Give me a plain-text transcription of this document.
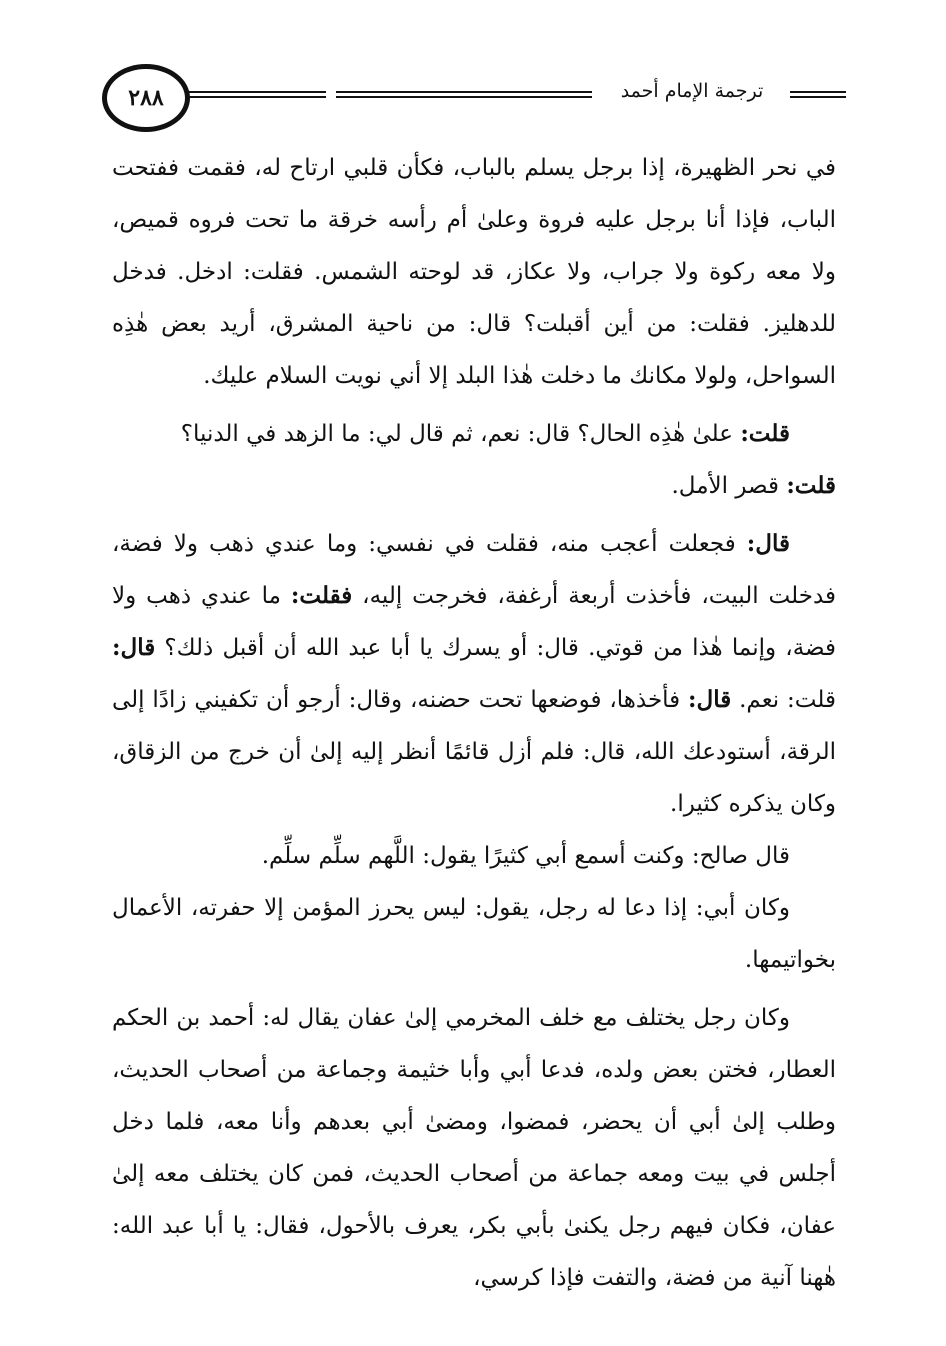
٢٨٨	ترجمة الإمام أحمد

في نحر الظهيرة، إذا برجل يسلم بالباب، فكأن قلبي ارتاح له، فقمت ففتحت الباب، فإذا أنا برجل عليه فروة وعلىٰ أم رأسه خرقة ما تحت فروه قميص، ولا معه ركوة ولا جراب، ولا عكاز، قد لوحته الشمس. فقلت: ادخل. فدخل للدهليز. فقلت: من أين أقبلت؟ قال: من ناحية المشرق، أريد بعض هٰذِه السواحل، ولولا مكانك ما دخلت هٰذا البلد إلا أني نويت السلام عليك.

قلت: علىٰ هٰذِه الحال؟ قال: نعم، ثم قال لي: ما الزهد في الدنيا؟

قلت: قصر الأمل.

قال: فجعلت أعجب منه، فقلت في نفسي: وما عندي ذهب ولا فضة، فدخلت البيت، فأخذت أربعة أرغفة، فخرجت إليه، فقلت: ما عندي ذهب ولا فضة، وإنما هٰذا من قوتي. قال: أو يسرك يا أبا عبد الله أن أقبل ذلك؟ قال: قلت: نعم. قال: فأخذها، فوضعها تحت حضنه، وقال: أرجو أن تكفيني زادًا إلى الرقة، أستودعك الله، قال: فلم أزل قائمًا أنظر إليه إلىٰ أن خرج من الزقاق، وكان يذكره كثيرا.

قال صالح: وكنت أسمع أبي كثيرًا يقول: اللَّهم سلِّم سلِّم.

وكان أبي: إذا دعا له رجل، يقول: ليس يحرز المؤمن إلا حفرته، الأعمال بخواتيمها.

وكان رجل يختلف مع خلف المخرمي إلىٰ عفان يقال له: أحمد بن الحكم العطار، فختن بعض ولده، فدعا أبي وأبا خثيمة وجماعة من أصحاب الحديث، وطلب إلىٰ أبي أن يحضر، فمضوا، ومضىٰ أبي بعدهم وأنا معه، فلما دخل أجلس في بيت ومعه جماعة من أصحاب الحديث، فمن كان يختلف معه إلىٰ عفان، فكان فيهم رجل يكنىٰ بأبي بكر، يعرف بالأحول، فقال: يا أبا عبد الله: هٰهنا آنية من فضة، والتفت فإذا كرسي،
